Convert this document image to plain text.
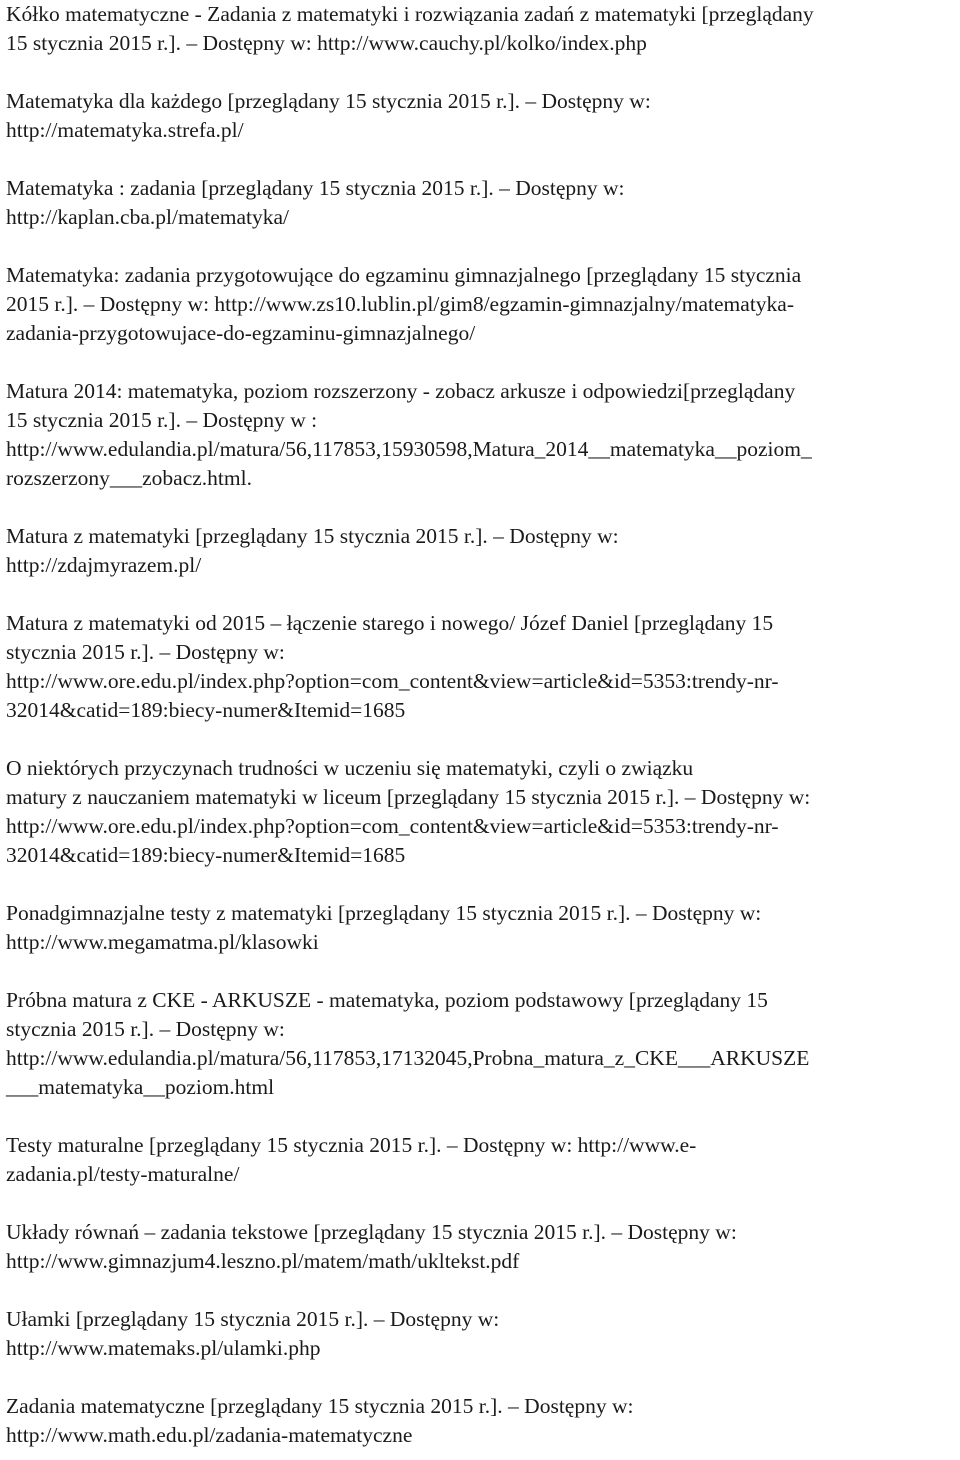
Kółko matematyczne - Zadania z matematyki i rozwiązania zadań z matematyki [przeglądany
15 stycznia 2015 r.]. – Dostępny w: http://www.cauchy.pl/kolko/index.php
Matematyka dla każdego [przeglądany 15 stycznia 2015 r.]. – Dostępny w:
http://matematyka.strefa.pl/
Matematyka : zadania [przeglądany 15 stycznia 2015 r.]. – Dostępny w:
http://kaplan.cba.pl/matematyka/
Matematyka: zadania przygotowujące do egzaminu gimnazjalnego [przeglądany 15 stycznia
2015 r.]. – Dostępny w: http://www.zs10.lublin.pl/gim8/egzamin-gimnazjalny/matematyka-
zadania-przygotowujace-do-egzaminu-gimnazjalnego/
Matura 2014: matematyka, poziom rozszerzony - zobacz arkusze i odpowiedzi[przeglądany
15 stycznia 2015 r.]. – Dostępny w :
http://www.edulandia.pl/matura/56,117853,15930598,Matura_2014__matematyka__poziom_
rozszerzony___zobacz.html.
Matura z matematyki [przeglądany 15 stycznia 2015 r.]. – Dostępny w:
http://zdajmyrazem.pl/
Matura z matematyki od 2015 – łączenie starego i nowego/ Józef Daniel [przeglądany 15
stycznia 2015 r.]. – Dostępny w:
http://www.ore.edu.pl/index.php?option=com_content&view=article&id=5353:trendy-nr-
32014&catid=189:biecy-numer&Itemid=1685
O niektórych przyczynach trudności w uczeniu się matematyki, czyli o związku
matury z nauczaniem matematyki w liceum [przeglądany 15 stycznia 2015 r.]. – Dostępny w:
http://www.ore.edu.pl/index.php?option=com_content&view=article&id=5353:trendy-nr-
32014&catid=189:biecy-numer&Itemid=1685
Ponadgimnazjalne testy z matematyki [przeglądany 15 stycznia 2015 r.]. – Dostępny w:
http://www.megamatma.pl/klasowki
Próbna matura z CKE - ARKUSZE - matematyka, poziom podstawowy [przeglądany 15
stycznia 2015 r.]. – Dostępny w:
http://www.edulandia.pl/matura/56,117853,17132045,Probna_matura_z_CKE___ARKUSZE
___matematyka__poziom.html
Testy maturalne [przeglądany 15 stycznia 2015 r.]. – Dostępny w: http://www.e-
zadania.pl/testy-maturalne/
Układy równań – zadania tekstowe [przeglądany 15 stycznia 2015 r.]. – Dostępny w:
http://www.gimnazjum4.leszno.pl/matem/math/ukltekst.pdf
Ułamki [przeglądany 15 stycznia 2015 r.]. – Dostępny w:
http://www.matemaks.pl/ulamki.php
Zadania matematyczne [przeglądany 15 stycznia 2015 r.]. – Dostępny w:
http://www.math.edu.pl/zadania-matematyczne
